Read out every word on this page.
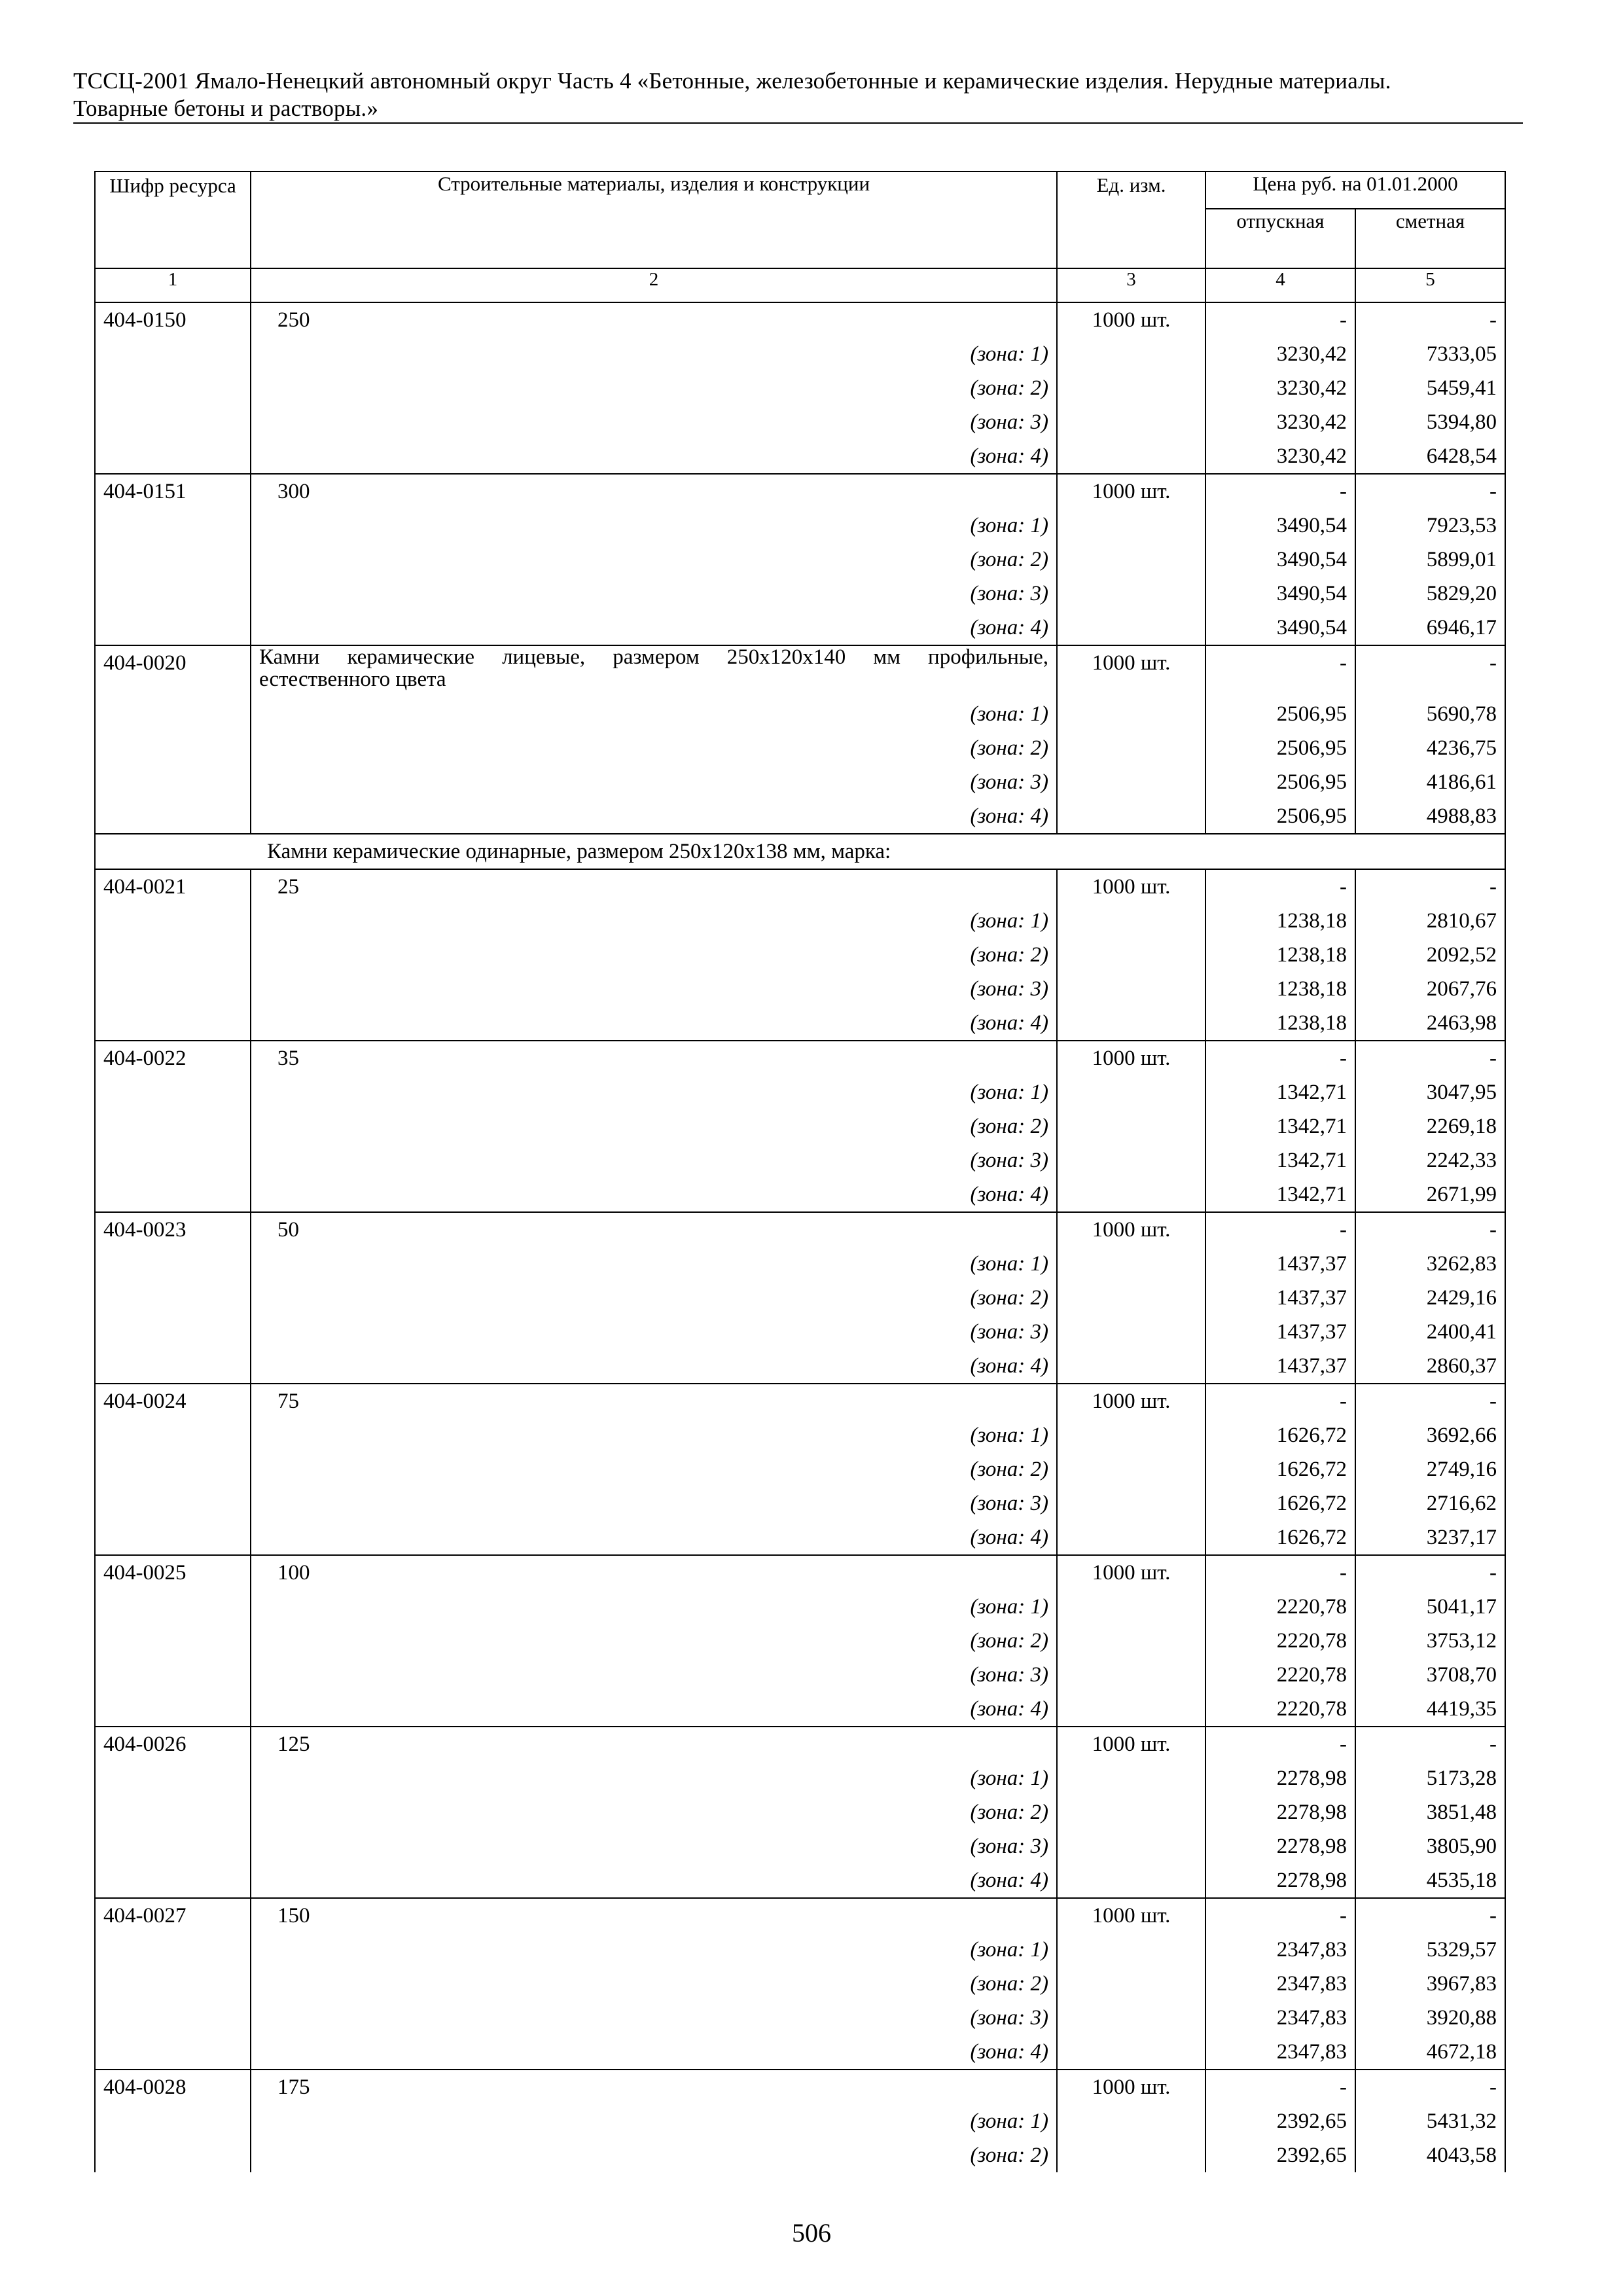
ТССЦ-2001 Ямало-Ненецкий автономный округ Часть 4 «Бетонные, железобетонные и керамические изделия. Нерудные материалы.
Товарные бетоны и растворы.»
Шифр ресурса	Строительные материалы, изделия и конструкции	Ед. изм.	Цена руб. на 01.01.2000	
			отпускная	сметная
1	2	3	4	5
404-0150	250	1000 шт.	-	-
	(зона: 1)		3230,42	7333,05
	(зона: 2)		3230,42	5459,41
	(зона: 3)		3230,42	5394,80
	(зона: 4)		3230,42	6428,54
404-0151	300	1000 шт.	-	-
	(зона: 1)		3490,54	7923,53
	(зона: 2)		3490,54	5899,01
	(зона: 3)		3490,54	5829,20
	(зона: 4)		3490,54	6946,17
404-0020	Камни керамические лицевые, размером 250х120х140 мм профильные, естественного цвета	1000 шт.	-	-
	(зона: 1)		2506,95	5690,78
	(зона: 2)		2506,95	4236,75
	(зона: 3)		2506,95	4186,61
	(зона: 4)		2506,95	4988,83
Камни керамические одинарные, размером 250х120х138 мм, марка:				
404-0021	25	1000 шт.	-	-
	(зона: 1)		1238,18	2810,67
	(зона: 2)		1238,18	2092,52
	(зона: 3)		1238,18	2067,76
	(зона: 4)		1238,18	2463,98
404-0022	35	1000 шт.	-	-
	(зона: 1)		1342,71	3047,95
	(зона: 2)		1342,71	2269,18
	(зона: 3)		1342,71	2242,33
	(зона: 4)		1342,71	2671,99
404-0023	50	1000 шт.	-	-
	(зона: 1)		1437,37	3262,83
	(зона: 2)		1437,37	2429,16
	(зона: 3)		1437,37	2400,41
	(зона: 4)		1437,37	2860,37
404-0024	75	1000 шт.	-	-
	(зона: 1)		1626,72	3692,66
	(зона: 2)		1626,72	2749,16
	(зона: 3)		1626,72	2716,62
	(зона: 4)		1626,72	3237,17
404-0025	100	1000 шт.	-	-
	(зона: 1)		2220,78	5041,17
	(зона: 2)		2220,78	3753,12
	(зона: 3)		2220,78	3708,70
	(зона: 4)		2220,78	4419,35
404-0026	125	1000 шт.	-	-
	(зона: 1)		2278,98	5173,28
	(зона: 2)		2278,98	3851,48
	(зона: 3)		2278,98	3805,90
	(зона: 4)		2278,98	4535,18
404-0027	150	1000 шт.	-	-
	(зона: 1)		2347,83	5329,57
	(зона: 2)		2347,83	3967,83
	(зона: 3)		2347,83	3920,88
	(зона: 4)		2347,83	4672,18
404-0028	175	1000 шт.	-	-
	(зона: 1)		2392,65	5431,32
	(зона: 2)		2392,65	4043,58
506
